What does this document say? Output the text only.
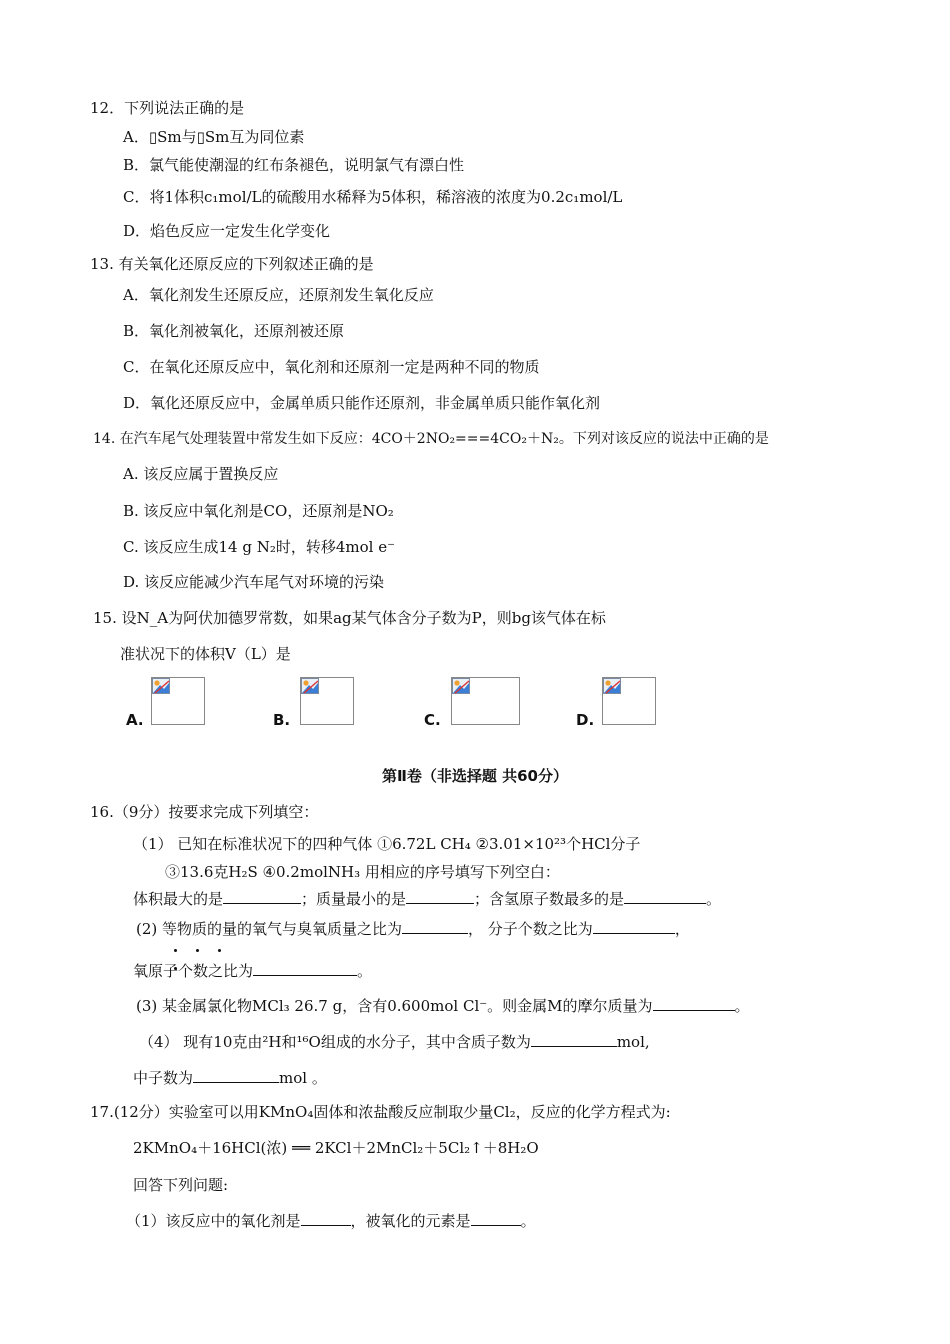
12．下列说法正确的是
A．▯Sm与▯Sm互为同位素
B．氯气能使潮湿的红布条褪色，说明氯气有漂白性
C．将1体积c₁mol/L的硫酸用水稀释为5体积，稀溶液的浓度为0.2c₁mol/L
D．焰色反应一定发生化学变化
13. 有关氧化还原反应的下列叙述正确的是
A．氧化剂发生还原反应，还原剂发生氧化反应
B．氧化剂被氧化，还原剂被还原
C．在氧化还原反应中，氧化剂和还原剂一定是两种不同的物质
D．氧化还原反应中，金属单质只能作还原剂，非金属单质只能作氧化剂
14. 在汽车尾气处理装置中常发生如下反应：4CO＋2NO₂===4CO₂＋N₂。下列对该反应的说法中正确的是
A. 该反应属于置换反应
B. 该反应中氧化剂是CO，还原剂是NO₂
C. 该反应生成14 g N₂时，转移4mol e⁻
D. 该反应能减少汽车尾气对环境的污染
15. 设N_A为阿伏加德罗常数，如果ag某气体含分子数为P，则bg该气体在标
准状况下的体积V（L）是
A.	B.	C.	D.
第Ⅱ卷（非选择题 共60分）
16.（9分）按要求完成下列填空：
（1） 已知在标准状况下的四种气体 ①6.72L CH₄ ②3.01×10²³个HCl分子
③13.6克H₂S ④0.2molNH₃ 用相应的序号填写下列空白：
体积最大的是	；质量最小的是	；含氢原子数最多的是	。
(2) 等物质的量的氧气与臭氧质量之比为	， 分子个数之比为	，
氧原子个数之比为	。
(3) 某金属氯化物MCl₃ 26.7 g，含有0.600mol Cl⁻。则金属M的摩尔质量为	。
（4） 现有10克由²H和¹⁶O组成的水分子，其中含质子数为	mol,
中子数为	mol 。
17.(12分）实验室可以用KMnO₄固体和浓盐酸反应制取少量Cl₂，反应的化学方程式为:
2KMnO₄＋16HCl(浓) ══ 2KCl＋2MnCl₂＋5Cl₂↑＋8H₂O
回答下列问题:
（1）该反应中的氧化剂是	，被氧化的元素是	。
